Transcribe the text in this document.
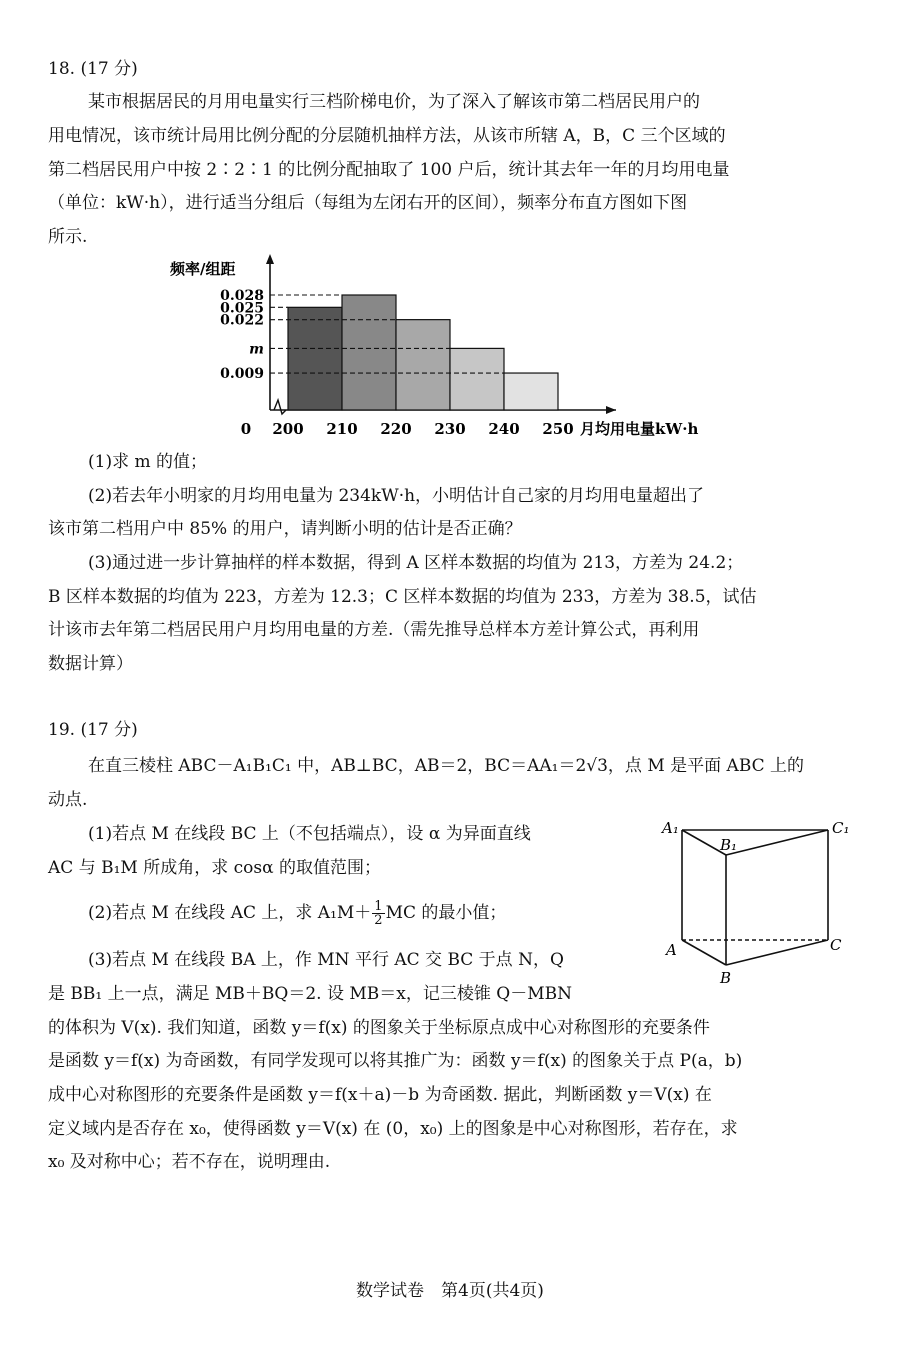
18. (17 分)
某市根据居民的月用电量实行三档阶梯电价，为了深入了解该市第二档居民用户的
用电情况，该市统计局用比例分配的分层随机抽样方法，从该市所辖 A，B，C 三个区域的
第二档居民用户中按 2∶2∶1 的比例分配抽取了 100 户后，统计其去年一年的月均用电量
（单位：kW·h），进行适当分组后（每组为左闭右开的区间），频率分布直方图如下图
所示.
频率/组距
0.028
0.025
0.022
m
0.009
200 210 220 230 240 250
0	月均用电量kW·h
(1)求 m 的值；
(2)若去年小明家的月均用电量为 234kW·h，小明估计自己家的月均用电量超出了
该市第二档用户中 85% 的用户，请判断小明的估计是否正确？
(3)通过进一步计算抽样的样本数据，得到 A 区样本数据的均值为 213，方差为 24.2；
B 区样本数据的均值为 223，方差为 12.3；C 区样本数据的均值为 233，方差为 38.5，试估
计该市去年第二档居民用户月均用电量的方差.（需先推导总样本方差计算公式，再利用
数据计算）
19. (17 分)
在直三棱柱 ABC－A₁B₁C₁ 中，AB⊥BC，AB＝2，BC＝AA₁＝2√3，点 M 是平面 ABC 上的
动点.
(1)若点 M 在线段 BC 上（不包括端点），设 α 为异面直线
AC 与 B₁M 所成角，求 cosα 的取值范围；
(2)若点 M 在线段 AC 上，求 $A_1M+ \frac{1}{2}$ MC 的最小值；
(3)若点 M 在线段 BA 上，作 MN 平行 AC 交 BC 于点 N，Q
是 BB₁ 上一点，满足 MB＋BQ＝2. 设 MB＝x，记三棱锥 Q－MBN
的体积为 V(x). 我们知道，函数 y＝f(x) 的图象关于坐标原点成中心对称图形的充要条件
是函数 y＝f(x) 为奇函数，有同学发现可以将其推广为：函数 y＝f(x) 的图象关于点 P(a，b)
成中心对称图形的充要条件是函数 y＝f(x＋a)－b 为奇函数. 据此，判断函数 y＝V(x) 在
定义域内是否存在 x₀，使得函数 y＝V(x) 在 (0，x₀) 上的图象是中心对称图形，若存在，求
x₀ 及对称中心；若不存在，说明理由.
A₁
B₁
C₁
A
B
C
数学试卷　第4页(共4页)
